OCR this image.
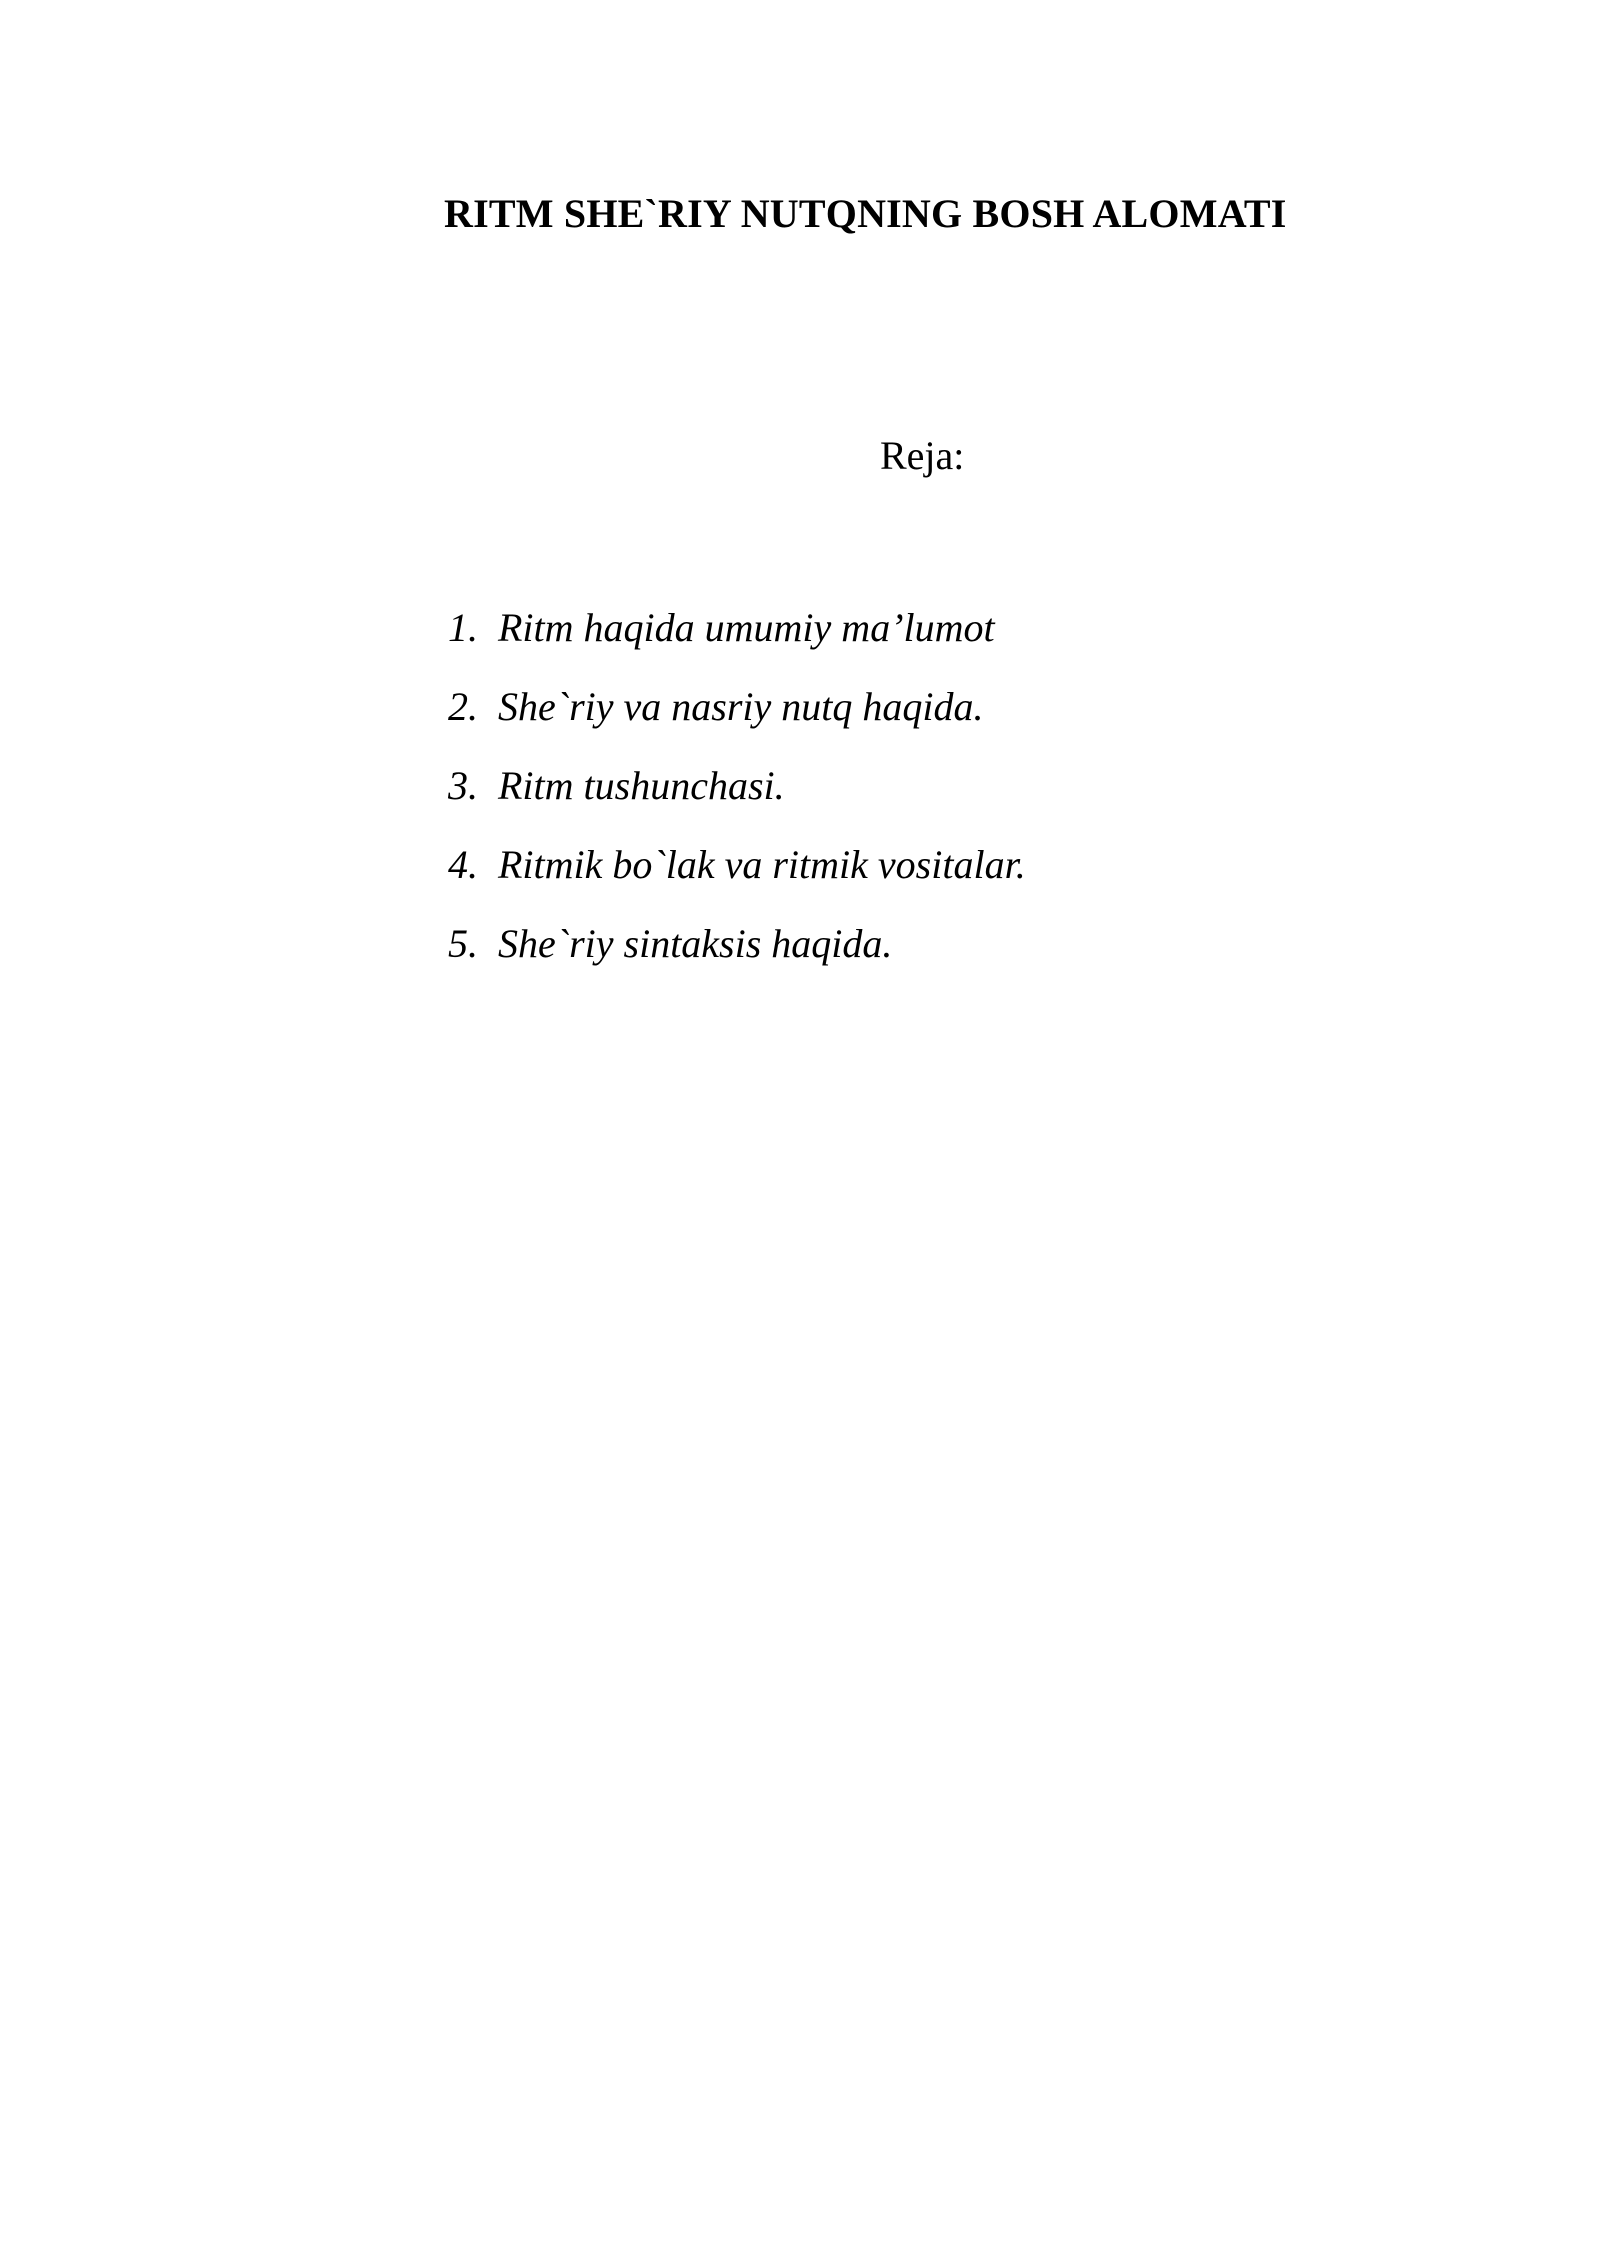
RITM SHE`RIY NUTQNING BOSH ALOMATI

Reja:

1. Ritm haqida umumiy ma’lumot
2. She`riy va nasriy nutq haqida.
3. Ritm tushunchasi.
4. Ritmik bo`lak va ritmik vositalar.
5. She`riy sintaksis haqida.
